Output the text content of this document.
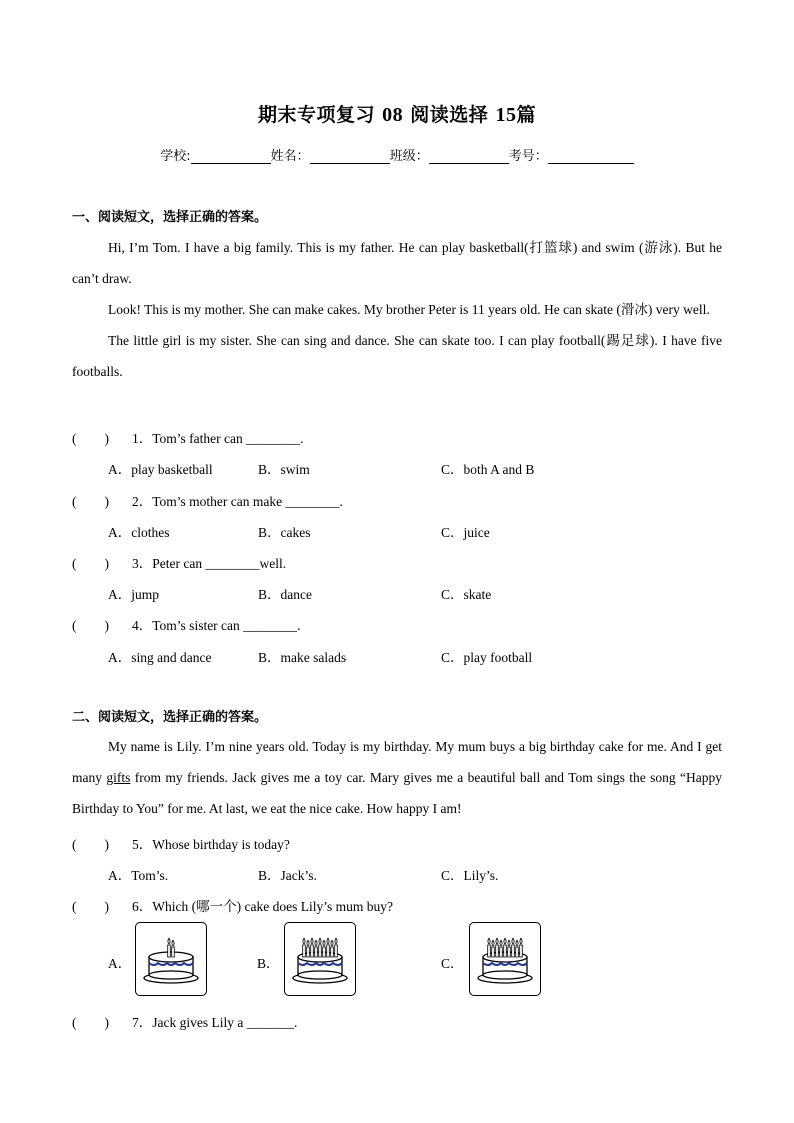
期末专项复习 08 阅读选择 15篇
学校:	姓名：	班级：	考号：
一、阅读短文，选择正确的答案。

Hi, I’m Tom. I have a big family. This is my father. He can play basketball(打篮球) and swim (游泳). But he can’t draw.

Look! This is my mother. She can make cakes. My brother Peter is 11 years old. He can skate (滑冰) very well.

The little girl is my sister. She can sing and dance. She can skate too. I can play football(踢足球). I have five footballs.

( ) 1．Tom’s father can ________.
A．play basketball	B．swim	C．both A and B
( ) 2．Tom’s mother can make ________.
A．clothes	B．cakes	C．juice
( ) 3．Peter can ________well.
A．jump	B．dance	C．skate
( ) 4．Tom’s sister can ________.
A．sing and dance	B．make salads	C．play football
二、阅读短文，选择正确的答案。

My name is Lily. I’m nine years old. Today is my birthday. My mum buys a big birthday cake for me. And I get many gifts from my friends. Jack gives me a toy car. Mary gives me a beautiful ball and Tom sings the song “Happy Birthday to You” for me. At last, we eat the nice cake. How happy I am!

( ) 5．Whose birthday is today?
A．Tom’s.	B．Jack’s.	C．Lily’s.
( ) 6．Which (哪一个) cake does Lily’s mum buy?
A．	B．	C．
( ) 7．Jack gives Lily a _______.
